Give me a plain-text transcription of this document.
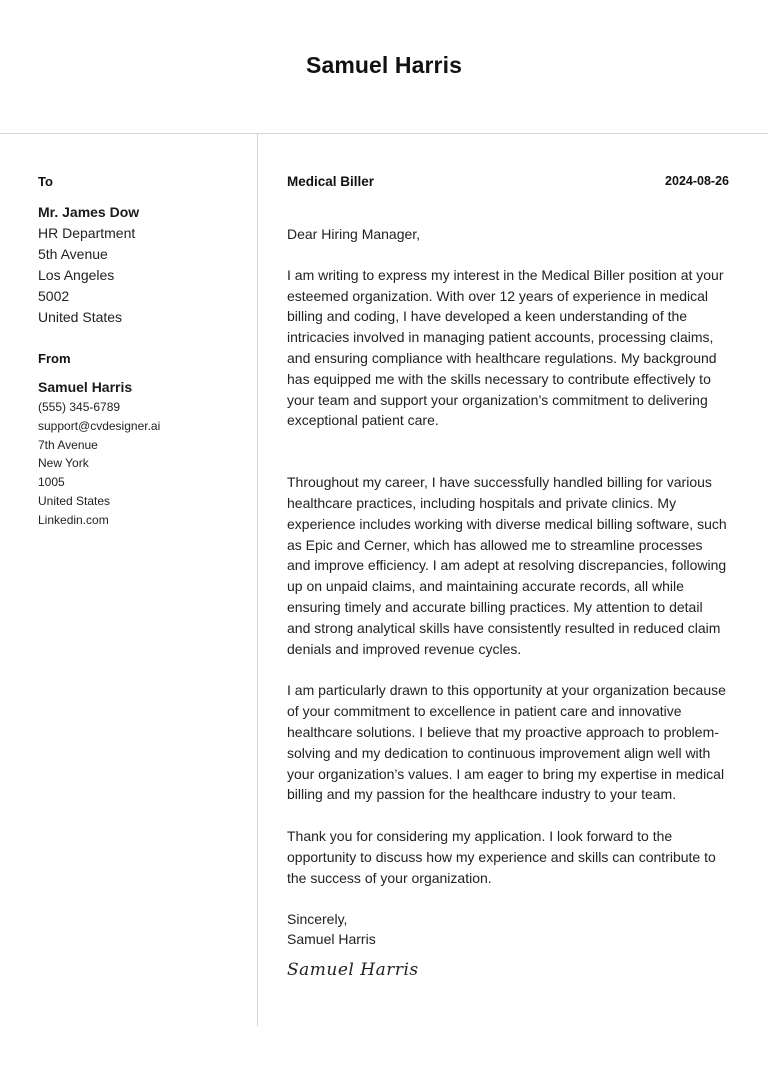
Samuel Harris
To
Mr. James Dow
HR Department
5th Avenue
Los Angeles
5002
United States
From
Samuel Harris
(555) 345-6789
support@cvdesigner.ai
7th Avenue
New York
1005
United States
Linkedin.com
Medical Biller	2024-08-26
Dear Hiring Manager,

I am writing to express my interest in the Medical Biller position at your esteemed organization. With over 12 years of experience in medical billing and coding, I have developed a keen understanding of the intricacies involved in managing patient accounts, processing claims, and ensuring compliance with healthcare regulations. My background has equipped me with the skills necessary to contribute effectively to your team and support your organization’s commitment to delivering exceptional patient care.

Throughout my career, I have successfully handled billing for various healthcare practices, including hospitals and private clinics. My experience includes working with diverse medical billing software, such as Epic and Cerner, which has allowed me to streamline processes and improve efficiency. I am adept at resolving discrepancies, following up on unpaid claims, and maintaining accurate records, all while ensuring timely and accurate billing practices. My attention to detail and strong analytical skills have consistently resulted in reduced claim denials and improved revenue cycles.

I am particularly drawn to this opportunity at your organization because of your commitment to excellence in patient care and innovative healthcare solutions. I believe that my proactive approach to problem-solving and my dedication to continuous improvement align well with your organization’s values. I am eager to bring my expertise in medical billing and my passion for the healthcare industry to your team.

Thank you for considering my application. I look forward to the opportunity to discuss how my experience and skills can contribute to the success of your organization.

Sincerely,
Samuel Harris
Samuel Harris
